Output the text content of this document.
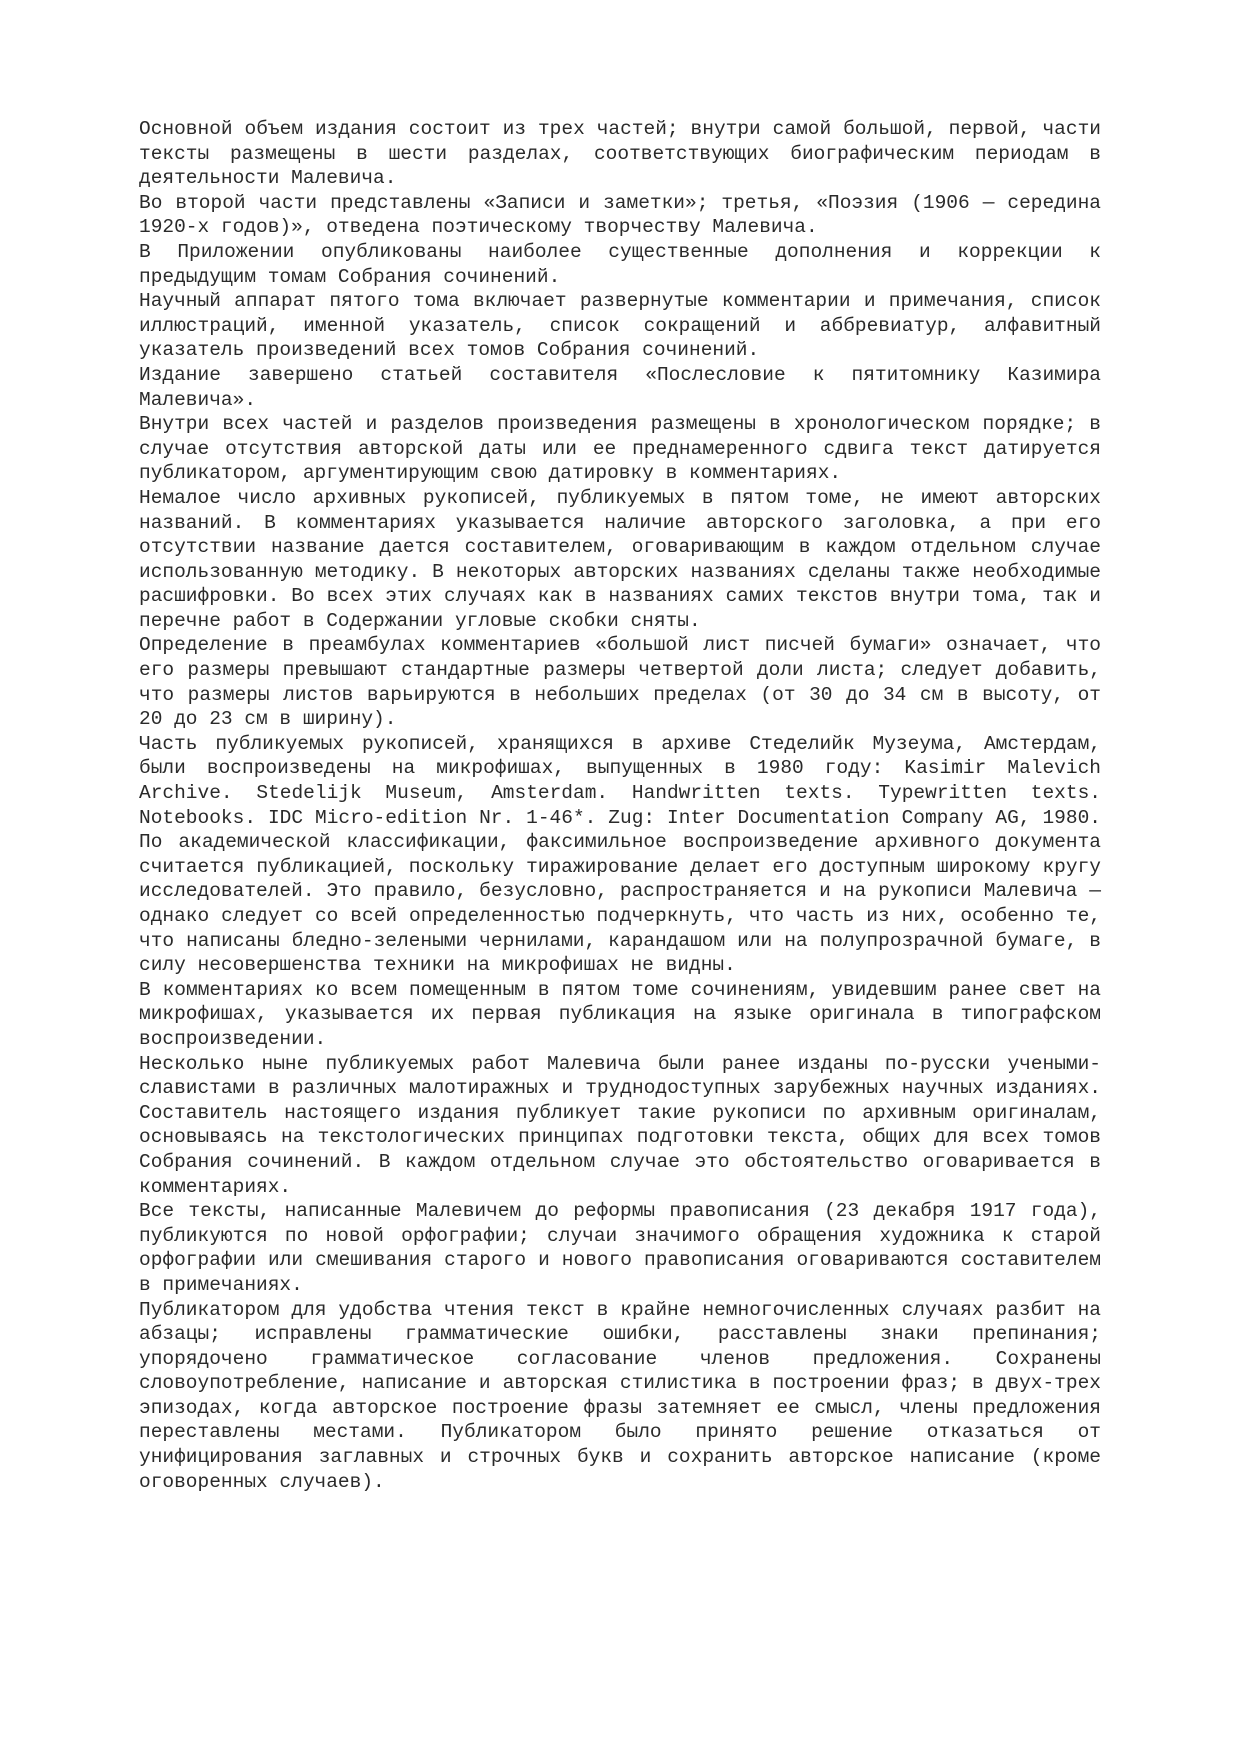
Основной объем издания состоит из трех частей; внутри самой большой, первой, части тексты размещены в шести разделах, соответствующих биографическим периодам в деятельности Малевича.

Во второй части представлены «Записи и заметки»; третья, «Поэзия (1906 — середина 1920-х годов)», отведена поэтическому творчеству Малевича.

В Приложении опубликованы наиболее существенные дополнения и коррекции к предыдущим томам Собрания сочинений.

Научный аппарат пятого тома включает развернутые комментарии и примечания, список иллюстраций, именной указатель, список сокращений и аббревиатур, алфавитный указатель произведений всех томов Собрания сочинений.

Издание завершено статьей составителя «Послесловие к пятитомнику Казимира Малевича».

Внутри всех частей и разделов произведения размещены в хронологическом порядке; в случае отсутствия авторской даты или ее преднамеренного сдвига текст датируется публикатором, аргументирующим свою датировку в комментариях.

Немалое число архивных рукописей, публикуемых в пятом томе, не имеют авторских названий. В комментариях указывается наличие авторского заголовка, а при его отсутствии название дается составителем, оговаривающим в каждом отдельном случае использованную методику. В некоторых авторских названиях сделаны также необходимые расшифровки. Во всех этих случаях как в названиях самих текстов внутри тома, так и перечне работ в Содержании угловые скобки сняты.

Определение в преамбулах комментариев «большой лист писчей бумаги» означает, что его размеры превышают стандартные размеры четвертой доли листа; следует добавить, что размеры листов варьируются в небольших пределах (от 30 до 34 см в высоту, от 20 до 23 см в ширину).

Часть публикуемых рукописей, хранящихся в архиве Стеделийк Музеума, Амстердам, были воспроизведены на микрофишах, выпущенных в 1980 году: Kasimir Malevich Archive. Stedelijk Museum, Amsterdam. Handwritten texts. Typewritten texts. Notebooks. IDC Micro-edition Nr. 1-46*. Zug: Inter Documentation Company AG, 1980. По академической классификации, факсимильное воспроизведение архивного документа считается публикацией, поскольку тиражирование делает его доступным широкому кругу исследователей. Это правило, безусловно, распространяется и на рукописи Малевича — однако следует со всей определенностью подчеркнуть, что часть из них, особенно те, что написаны бледно-зелеными чернилами, карандашом или на полупрозрачной бумаге, в силу несовершенства техники на микрофишах не видны.

В комментариях ко всем помещенным в пятом томе сочинениям, увидевшим ранее свет на микрофишах, указывается их первая публикация на языке оригинала в типографском воспроизведении.

Несколько ныне публикуемых работ Малевича были ранее изданы по-русски учеными-славистами в различных малотиражных и труднодоступных зарубежных научных изданиях. Составитель настоящего издания публикует такие рукописи по архивным оригиналам, основываясь на текстологических принципах подготовки текста, общих для всех томов Собрания сочинений. В каждом отдельном случае это обстоятельство оговаривается в комментариях.

Все тексты, написанные Малевичем до реформы правописания (23 декабря 1917 года), публикуются по новой орфографии; случаи значимого обращения художника к старой орфографии или смешивания старого и нового правописания оговариваются составителем в примечаниях.

Публикатором для удобства чтения текст в крайне немногочисленных случаях разбит на абзацы; исправлены грамматические ошибки, расставлены знаки препинания; упорядочено грамматическое согласование членов предложения. Сохранены словоупотребление, написание и авторская стилистика в построении фраз; в двух-трех эпизодах, когда авторское построение фразы затемняет ее смысл, члены предложения переставлены местами. Публикатором было принято решение отказаться от унифицирования заглавных и строчных букв и сохранить авторское написание (кроме оговоренных случаев).
